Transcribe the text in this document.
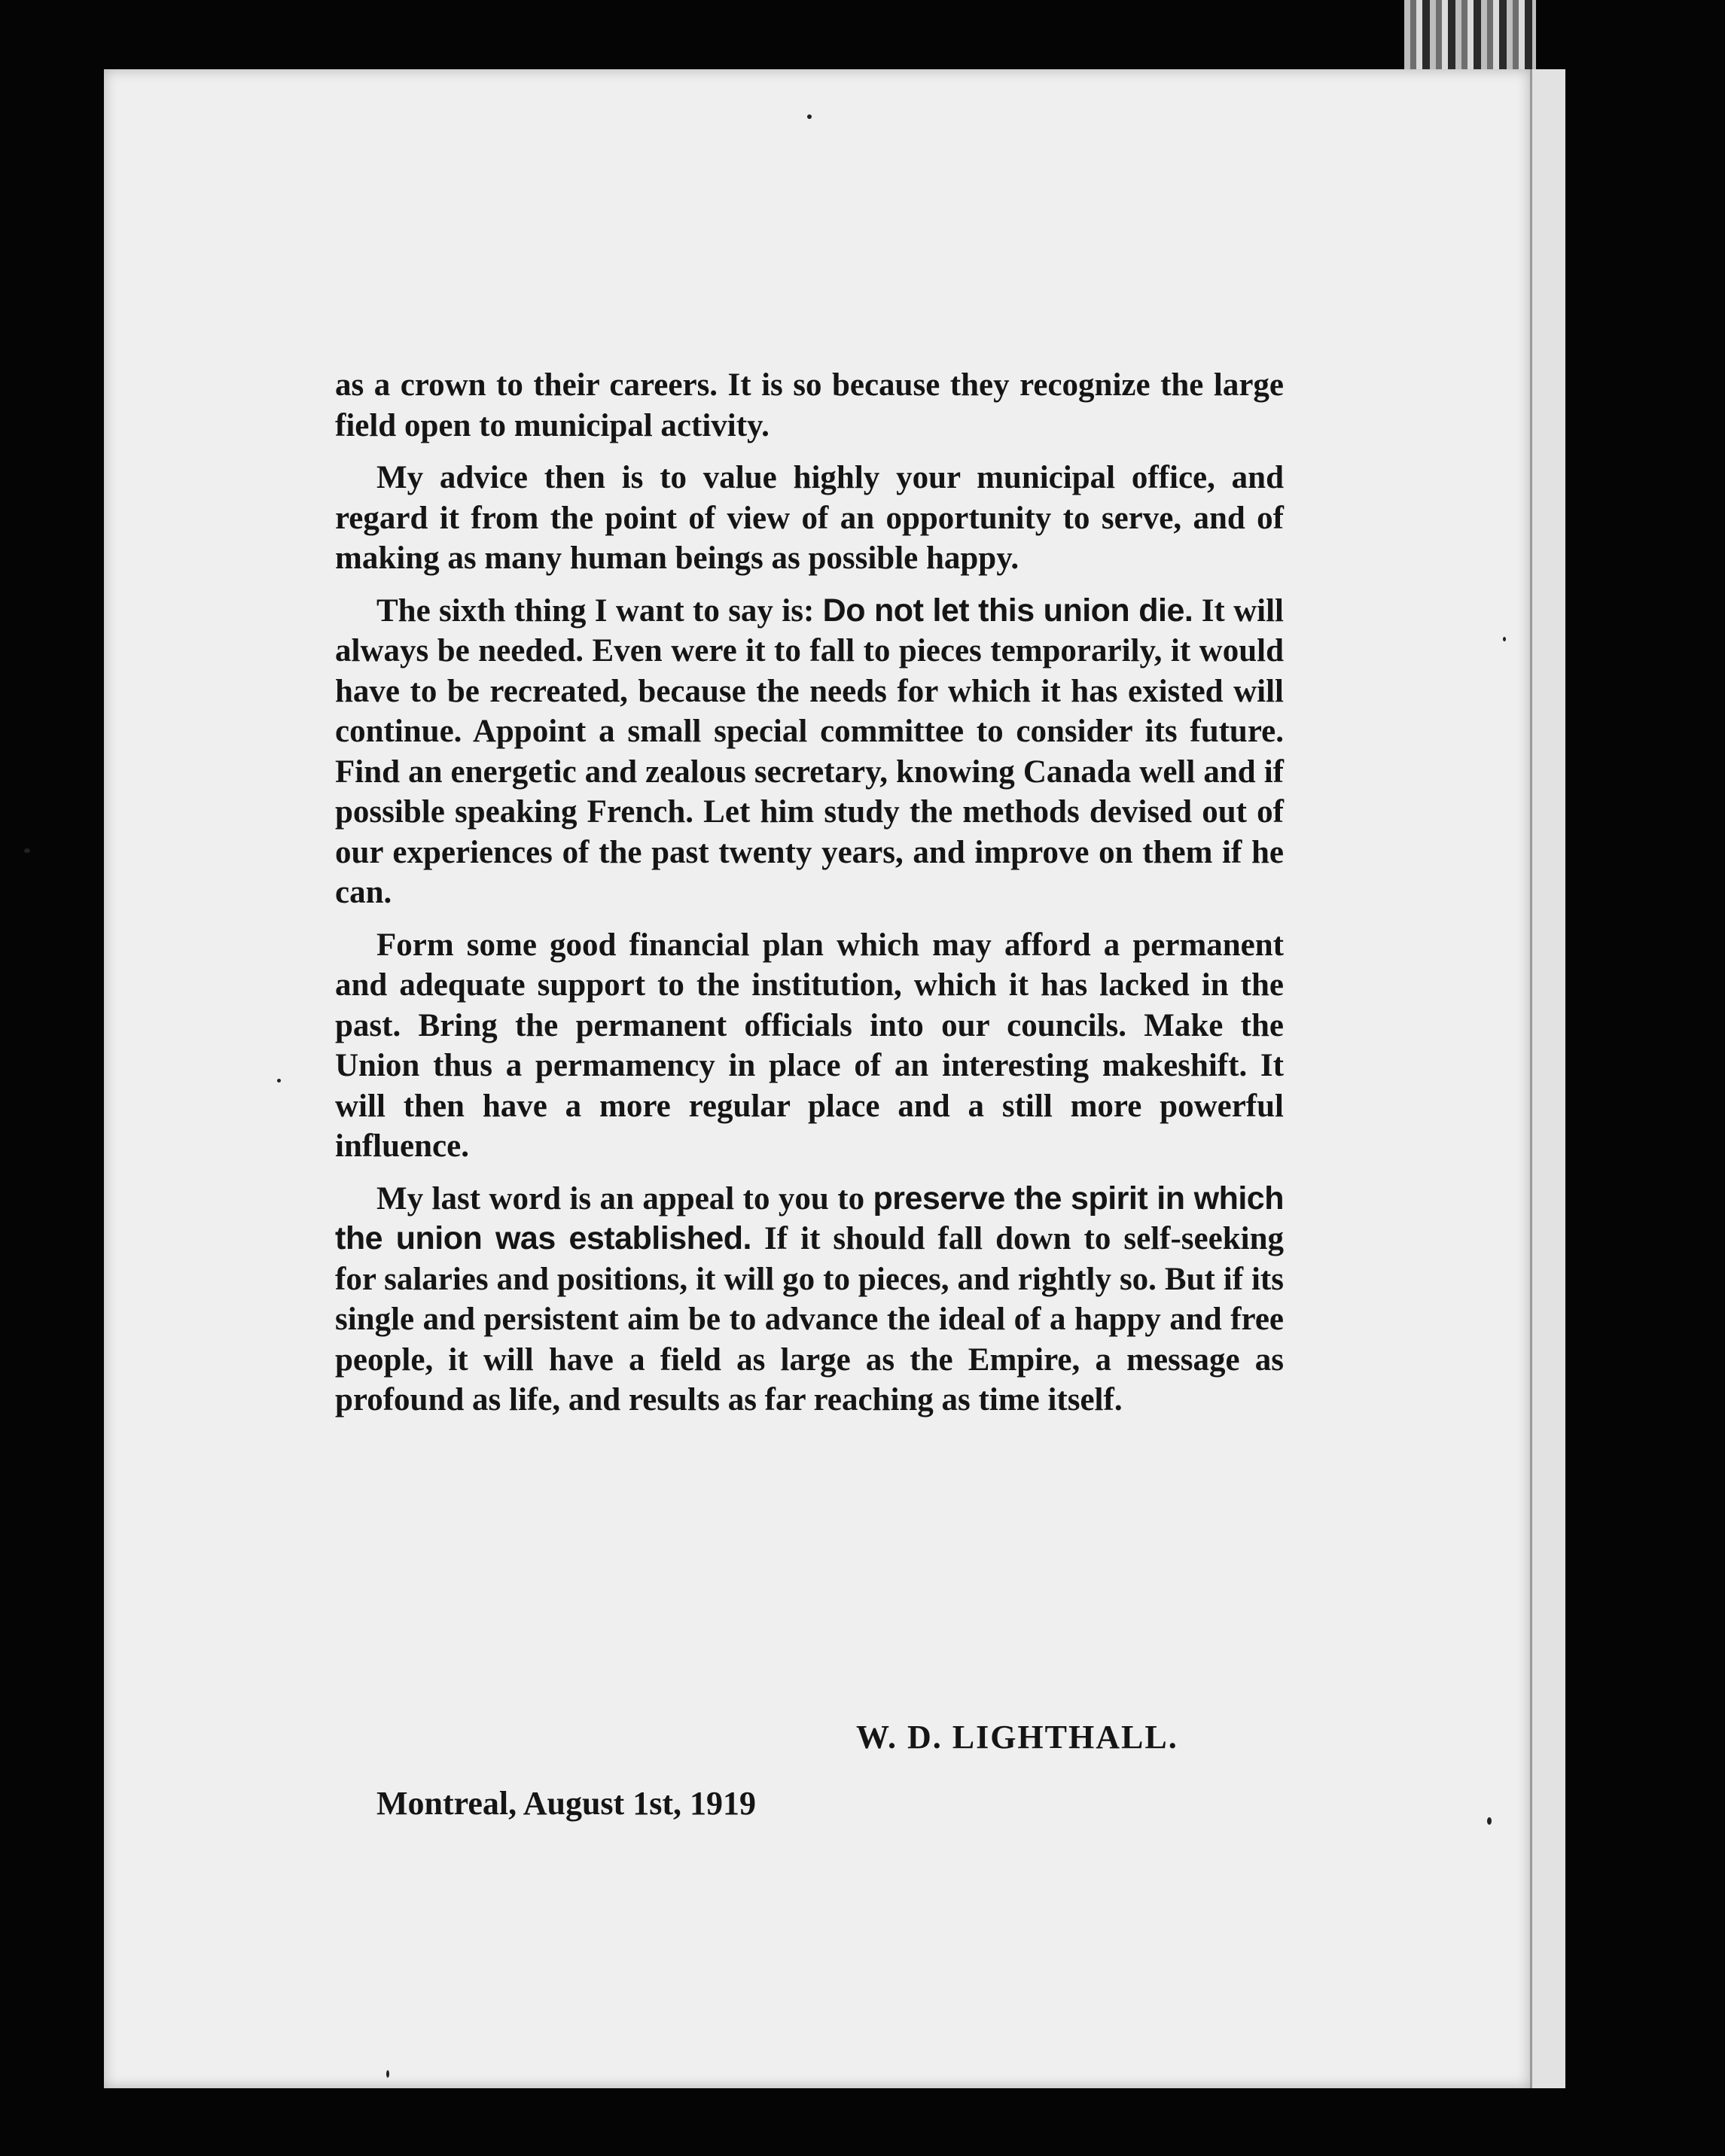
as a crown to their careers. It is so because they recognize the large field open to municipal activity.

My advice then is to value highly your municipal office, and regard it from the point of view of an opportunity to serve, and of making as many human beings as possible happy.

The sixth thing I want to say is: Do not let this union die. It will always be needed. Even were it to fall to pieces temporarily, it would have to be recreated, because the needs for which it has existed will continue. Appoint a small special committee to consider its future. Find an energetic and zealous secretary, knowing Canada well and if possible speaking French. Let him study the methods devised out of our experiences of the past twenty years, and improve on them if he can.

Form some good financial plan which may afford a permanent and adequate support to the institution, which it has lacked in the past. Bring the permanent officials into our councils. Make the Union thus a permamency in place of an interesting makeshift. It will then have a more regular place and a still more powerful influence.

My last word is an appeal to you to preserve the spirit in which the union was established. If it should fall down to self-seeking for salaries and positions, it will go to pieces, and rightly so. But if its single and persistent aim be to advance the ideal of a happy and free people, it will have a field as large as the Empire, a message as profound as life, and results as far reaching as time itself.

W. D. LIGHTHALL.
Montreal, August 1st, 1919
